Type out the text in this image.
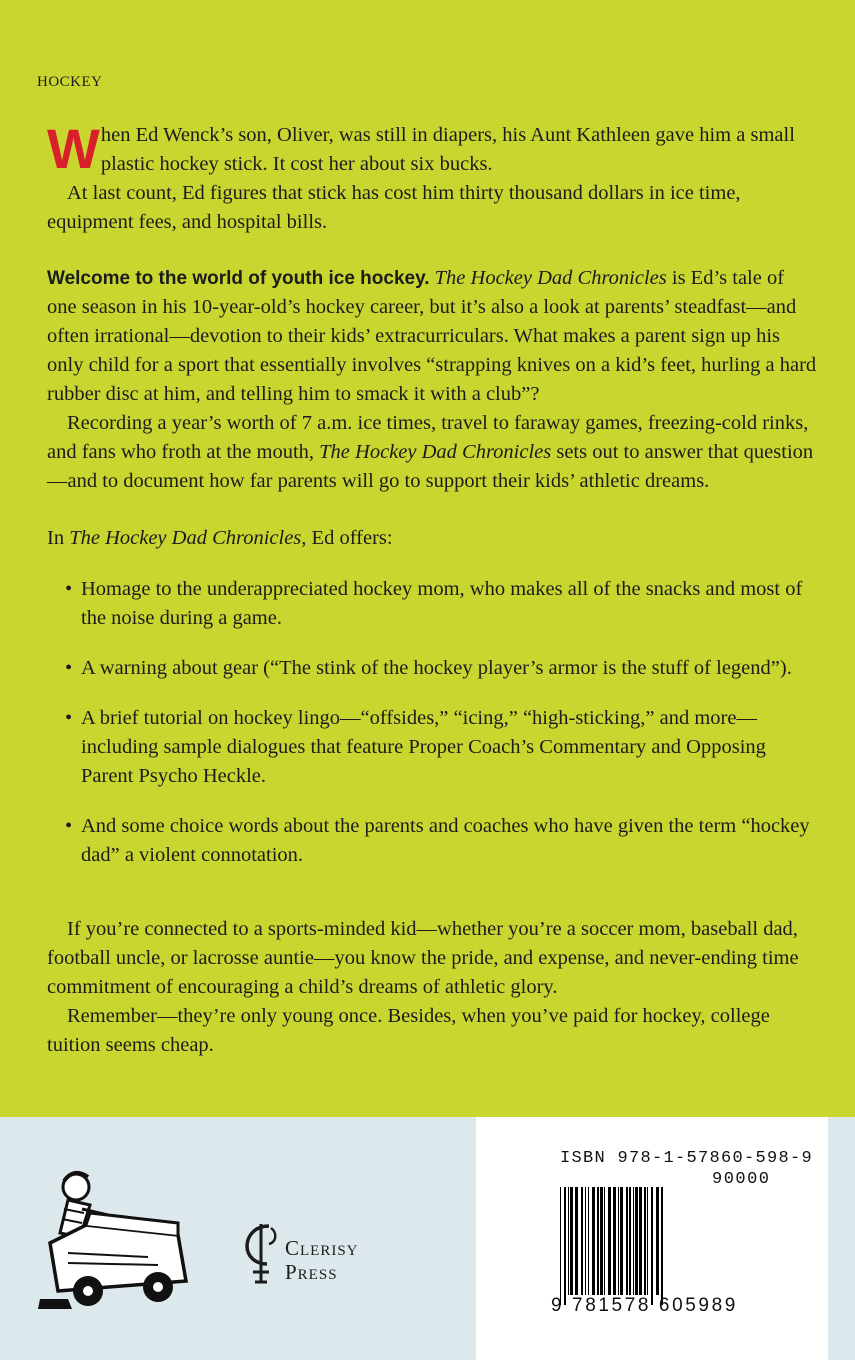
HOCKEY

When Ed Wenck’s son, Oliver, was still in diapers, his Aunt Kathleen gave him a small plastic hockey stick. It cost her about six bucks.

At last count, Ed figures that stick has cost him thirty thousand dollars in ice time, equipment fees, and hospital bills.

Welcome to the world of youth ice hockey. The Hockey Dad Chronicles is Ed’s tale of one season in his 10-year-old’s hockey career, but it’s also a look at parents’ steadfast—and often irrational—devotion to their kids’ extracurriculars. What makes a parent sign up his only child for a sport that essentially involves “strapping knives on a kid’s feet, hurling a hard rubber disc at him, and telling him to smack it with a club”?

Recording a year’s worth of 7 a.m. ice times, travel to faraway games, freezing-cold rinks, and fans who froth at the mouth, The Hockey Dad Chronicles sets out to answer that question—and to document how far parents will go to support their kids’ athletic dreams.

In The Hockey Dad Chronicles, Ed offers:

• Homage to the underappreciated hockey mom, who makes all of the snacks and most of the noise during a game.
• A warning about gear (“The stink of the hockey player’s armor is the stuff of legend”).
• A brief tutorial on hockey lingo—“offsides,” “icing,” “high-sticking,” and more—including sample dialogues that feature Proper Coach’s Commentary and Opposing Parent Psycho Heckle.
• And some choice words about the parents and coaches who have given the term “hockey dad” a violent connotation.

If you’re connected to a sports-minded kid—whether you’re a soccer mom, baseball dad, football uncle, or lacrosse auntie—you know the pride, and expense, and never-ending time commitment of encouraging a child’s dreams of athletic glory.

Remember—they’re only young once. Besides, when you’ve paid for hockey, college tuition seems cheap.

Clerisy
Press
ISBN 978-1-57860-598-9
90000
9 781578 605989
